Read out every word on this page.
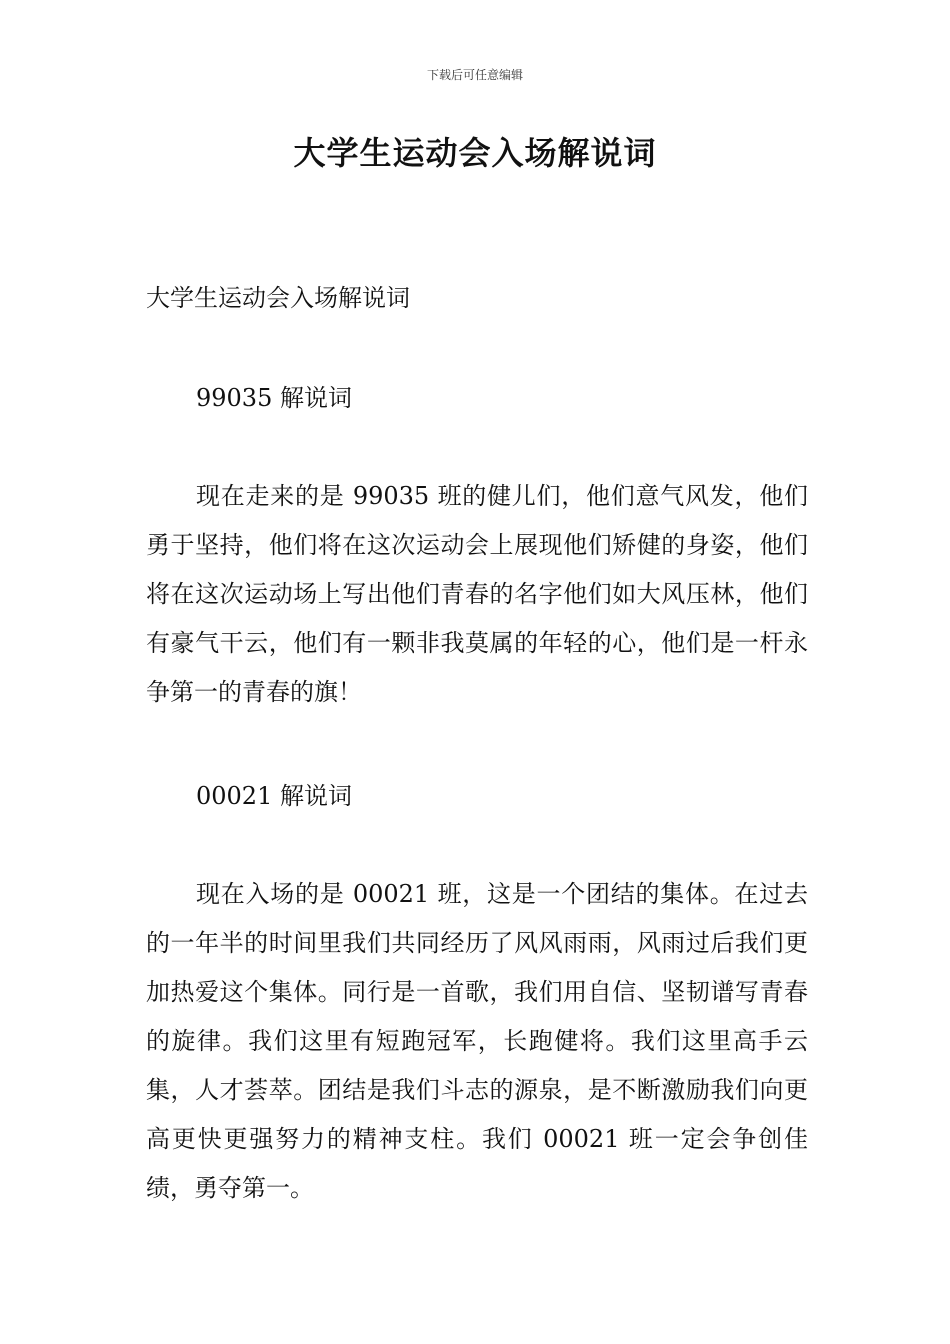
下载后可任意编辑
大学生运动会入场解说词
大学生运动会入场解说词
99035 解说词
现在走来的是 99035 班的健儿们，他们意气风发，他们勇于坚持，他们将在这次运动会上展现他们矫健的身姿，他们将在这次运动场上写出他们青春的名字他们如大风压林，他们有豪气干云，他们有一颗非我莫属的年轻的心，他们是一杆永争第一的青春的旗！
00021 解说词
现在入场的是 00021 班，这是一个团结的集体。在过去的一年半的时间里我们共同经历了风风雨雨，风雨过后我们更加热爱这个集体。同行是一首歌，我们用自信、坚韧谱写青春的旋律。我们这里有短跑冠军，长跑健将。我们这里高手云集，人才荟萃。团结是我们斗志的源泉，是不断激励我们向更高更快更强努力的精神支柱。我们 00021 班一定会争创佳绩，勇夺第一。
